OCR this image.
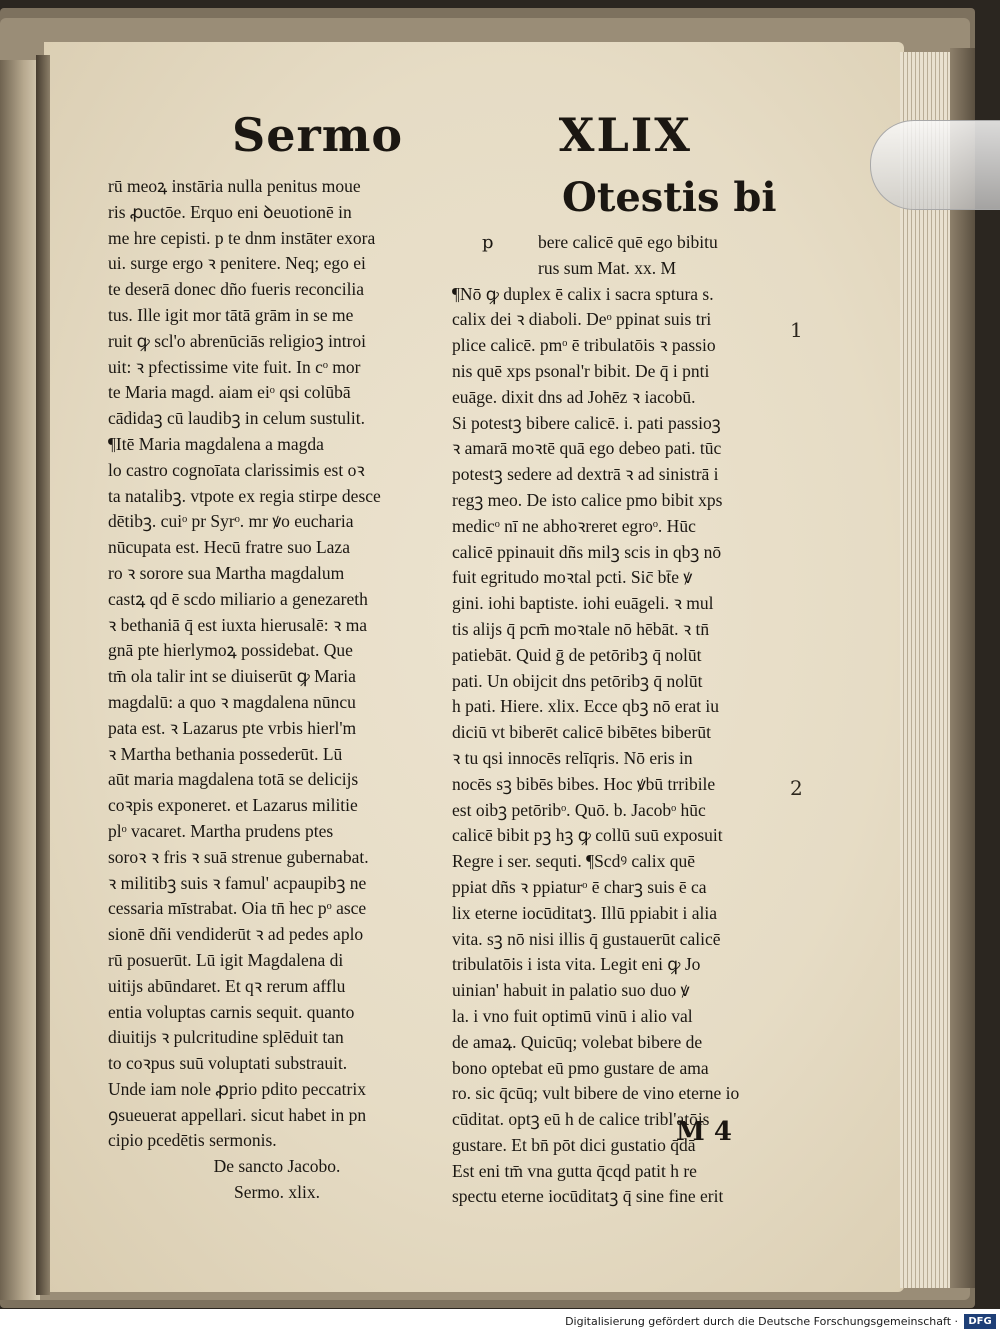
Sermo	XLIX
rū meoꝝ instāria nulla penitus moue
ris ꝓuctōe. Erquo eni ꝺeuotionē in
me hre cepisti. p te dnm instāter exora
ui. surge ergo ꝛ penitere. Neq; ego ei
te deserā donec dño fueris reconcilia
tus. Ille igit mor tātā grām in se me
ruit ꝙ scl'o abrenūciās religioꝫ introi
uit: ꝛ pfectissime vite fuit. In cᵒ mor
te Maria magd. aiam eiᵒ qsi colūbā
cādidaꝫ cū laudibꝫ in celum sustulit.
¶Itē Maria magdalena a magda
lo castro cognoīata clarissimis est oꝛ
ta natalibꝫ. vtpote ex regia stirpe desce
dētibꝫ. cuiᵒ pr Syrᵒ. mr ꝟo eucharia
nūcupata est. Hecū fratre suo Laza
ro ꝛ sorore sua Martha magdalum
castꝝ qd ē scdo miliario a genezareth
ꝛ bethaniā q̄ est iuxta hierusalē: ꝛ ma
gnā pte hierlymoꝝ possidebat. Que
tm̄ ola talir int se diuiserūt ꝙ Maria
magdalū: a quo ꝛ magdalena nūncu
pata est. ꝛ Lazarus pte vrbis hierl'm
ꝛ Martha bethania possederūt. Lū
aūt maria magdalena totā se delicijs
coꝛpis exponeret. et Lazarus militie
plᵒ vacaret. Martha prudens ptes
soroꝛ ꝛ fris ꝛ suā strenue gubernabat.
ꝛ militibꝫ suis ꝛ famul' acpaupibꝫ ne
cessaria mīstrabat. Oia tn̄ hec pᵒ asce
sionē dñi vendiderūt ꝛ ad pedes aplo
rū posuerūt. Lū igit Magdalena di
uitijs abūndaret. Et qꝛ rerum afflu
entia voluptas carnis sequit. quanto
diuitijs ꝛ pulcritudine splēduit tan
to coꝛpus suū voluptati substrauit.
Unde iam nole ꝓprio pdito peccatrix
ꝯsueuerat appellari. sicut habet in pn
cipio pcedētis sermonis.
De sancto Jacobo.
Sermo. xlix.
Otestis bi
p	bere calicē quē ego bibitu
rus sum Mat. xx. M
¶Nō ꝙ duplex ē calix i sacra sptura s.
calix dei ꝛ diaboli. Deᵒ ppinat suis tri
plice calicē. pmᵒ ē tribulatōis ꝛ passio
nis quē xps psonal'r bibit. De q̄ i pnti
euāge. dixit dns ad Johēz ꝛ iacobū.
Si potestꝫ bibere calicē. i. pati passioꝫ
ꝛ amarā moꝛtē quā ego debeo pati. tūc
potestꝫ sedere ad dextrā ꝛ ad sinistrā i
regꝫ meo. De isto calice pmo bibit xps
medicᵒ nī ne abhoꝛreret egroᵒ. Hūc
calicē ppinauit dñs milꝫ scis in qbꝫ nō
fuit egritudo moꝛtal pcti. Sic̄ bt̄e ꝟ
gini. iohi baptiste. iohi euāgeli. ꝛ mul
tis alijs q̄ pcm̄ moꝛtale nō hēbāt. ꝛ tn̄
patiebāt. Quid ḡ de petōribꝫ q̄ nolūt
pati. Un obijcit dns petōribꝫ q̄ nolūt
h pati. Hiere. xlix. Ecce qbꝫ nō erat iu
diciū vt biberēt calicē bibētes biberūt
ꝛ tu qsi innocēs relīqris. Nō eris in
nocēs sꝫ bibēs bibes. Hoc ꝟbū trribile
est oibꝫ petōribᵒ. Quō. b. Jacobᵒ hūc
calicē bibit pꝫ hꝫ ꝙ collū suū exposuit
Regre i ser. sequti. ¶Scdꝰ calix quē
ppiat dñs ꝛ ppiaturᵒ ē charꝫ suis ē ca
lix eterne iocūditatꝫ. Illū ppiabit i alia
vita. sꝫ nō nisi illis q̄ gustauerūt calicē
tribulatōis i ista vita. Legit eni ꝙ Jo
uinian' habuit in palatio suo duo ꝟ
la. i vno fuit optimū vinū i alio val
de amaꝝ. Quicūq; volebat bibere de
bono optebat eū pmo gustare de ama
ro. sic q̄cūq; vult bibere de vino eterne io
cūditat. optꝫ eū h de calice tribl'atōis
gustare. Et bn̄ pōt dici gustatio q̄dā
Est eni tm̄ vna gutta q̄cqd patit h re
spectu eterne iocūditatꝫ q̄ sine fine erit
M 4
1
2
Digitalisierung gefördert durch die Deutsche Forschungsgemeinschaft ·	DFG
